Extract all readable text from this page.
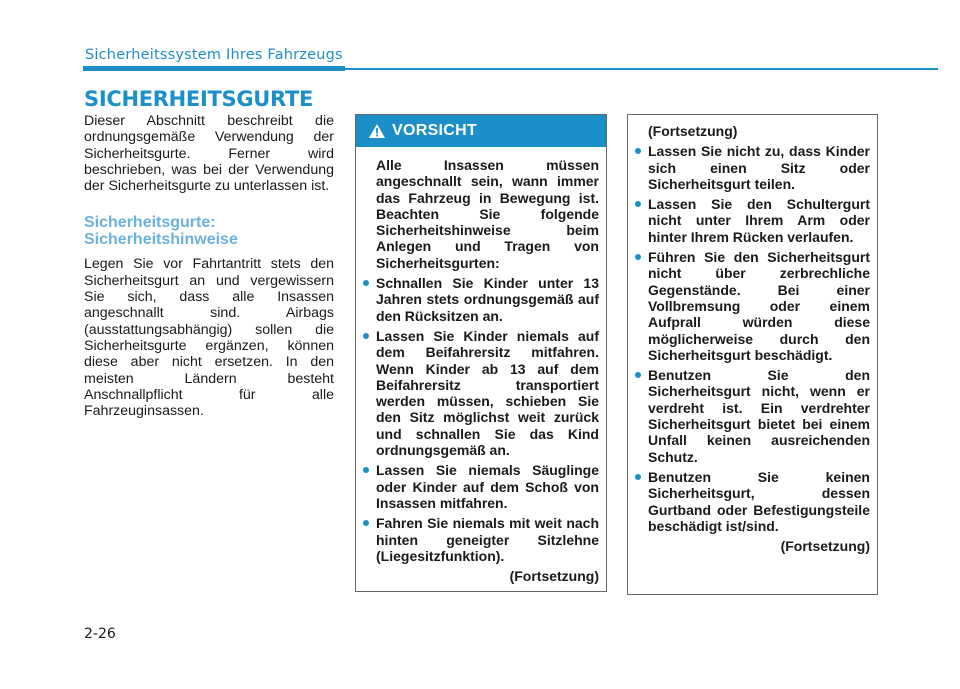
Sicherheitssystem Ihres Fahrzeugs
SICHERHEITSGURTE

Dieser Abschnitt beschreibt die ordnungsgemäße Verwendung der Sicherheitsgurte. Ferner wird beschrieben, was bei der Verwendung der Sicherheitsgurte zu unterlassen ist.

Sicherheitsgurte:
Sicherheitshinweise

Legen Sie vor Fahrtantritt stets den Sicherheitsgurt an und vergewissern Sie sich, dass alle Insassen angeschnallt sind. Airbags (ausstattungsabhängig) sollen die Sicherheitsgurte ergänzen, können diese aber nicht ersetzen. In den meisten Ländern besteht Anschnallpflicht für alle Fahrzeuginsassen.

VORSICHT

Alle Insassen müssen angeschnallt sein, wann immer das Fahrzeug in Bewegung ist. Beachten Sie folgende Sicherheitshinweise beim Anlegen und Tragen von Sicherheitsgurten:

Schnallen Sie Kinder unter 13 Jahren stets ordnungsgemäß auf den Rücksitzen an.
Lassen Sie Kinder niemals auf dem Beifahrersitz mitfahren. Wenn Kinder ab 13 auf dem Beifahrersitz transportiert werden müssen, schieben Sie den Sitz möglichst weit zurück und schnallen Sie das Kind ordnungsgemäß an.
Lassen Sie niemals Säuglinge oder Kinder auf dem Schoß von Insassen mitfahren.
Fahren Sie niemals mit weit nach hinten geneigter Sitzlehne (Liegesitzfunktion).
(Fortsetzung)

(Fortsetzung)

Lassen Sie nicht zu, dass Kinder sich einen Sitz oder Sicherheitsgurt teilen.
Lassen Sie den Schultergurt nicht unter Ihrem Arm oder hinter Ihrem Rücken verlaufen.
Führen Sie den Sicherheitsgurt nicht über zerbrechliche Gegenstände. Bei einer Vollbremsung oder einem Aufprall würden diese möglicherweise durch den Sicherheitsgurt beschädigt.
Benutzen Sie den Sicherheitsgurt nicht, wenn er verdreht ist. Ein verdrehter Sicherheitsgurt bietet bei einem Unfall keinen ausreichenden Schutz.
Benutzen Sie keinen Sicherheitsgurt, dessen Gurtband oder Befestigungsteile beschädigt ist/sind.
(Fortsetzung)
2-26
